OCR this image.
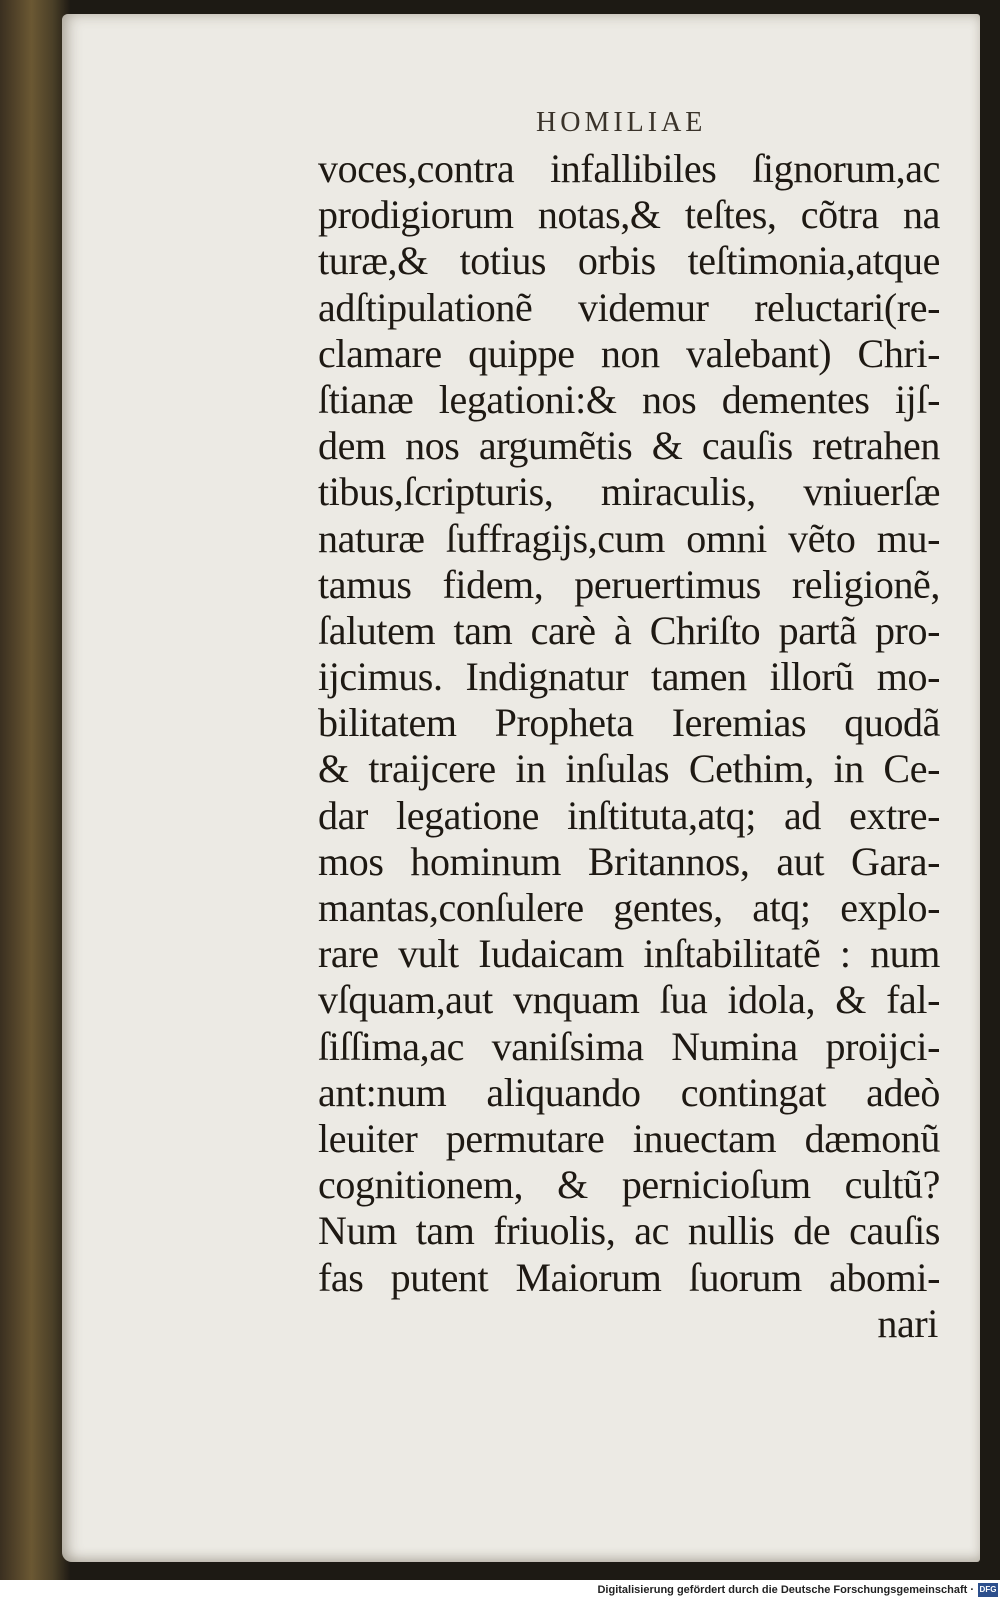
HOMILIAE
voces,contra infallibiles ſignorum,ac
prodigiorum notas,& teſtes, cõtra na
turæ,& totius orbis teſtimonia,atque
adſtipulationẽ videmur reluctari(re-
clamare quippe non valebant) Chri-
ſtianæ legationi:& nos dementes ijſ-
dem nos argumẽtis & cauſis retrahen
tibus,ſcripturis, miraculis, vniuerſæ
naturæ ſuffragijs,cum omni vẽto mu-
tamus fidem, peruertimus religionẽ,
ſalutem tam carè à Chriſto partã pro-
ijcimus. Indignatur tamen illorũ mo-
bilitatem Propheta Ieremias quodã
& traijcere in inſulas Cethim, in Ce-
dar legatione inſtituta,atq; ad extre-
mos hominum Britannos, aut Gara-
mantas,conſulere gentes, atq; explo-
rare vult Iudaicam inſtabilitatẽ : num
vſquam,aut vnquam ſua idola, & fal-
ſiſſima,ac vaniſsima Numina proijci-
ant:num aliquando contingat adeò
leuiter permutare inuectam dæmonũ
cognitionem, & pernicioſum cultũ?
Num tam friuolis, ac nullis de cauſis
fas putent Maiorum ſuorum abomi-
nari
Digitalisierung gefördert durch die Deutsche Forschungsgemeinschaft · DFG
